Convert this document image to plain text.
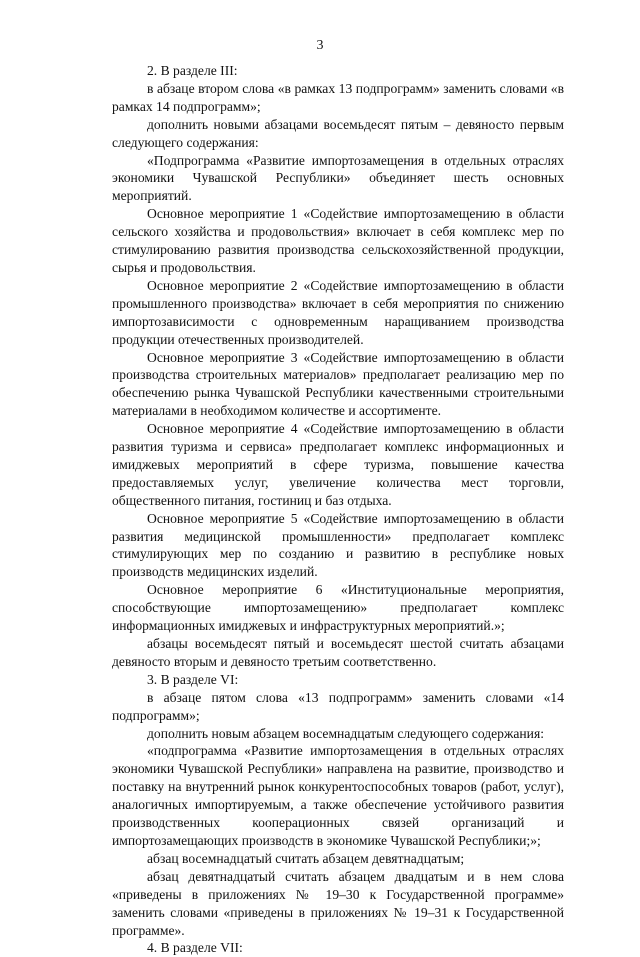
3

2. В разделе III:

в абзаце втором слова «в рамках 13 подпрограмм» заменить словами «в рамках 14 подпрограмм»;

дополнить новыми абзацами восемьдесят пятым – девяносто первым следующего содержания:

«Подпрограмма «Развитие импортозамещения в отдельных отраслях экономики Чувашской Республики» объединяет шесть основных мероприятий.

Основное мероприятие 1 «Содействие импортозамещению в области сельского хозяйства и продовольствия» включает в себя комплекс мер по стимулированию развития производства сельскохозяйственной продукции, сырья и продовольствия.

Основное мероприятие 2 «Содействие импортозамещению в области промышленного производства» включает в себя мероприятия по снижению импортозависимости с одновременным наращиванием производства продукции отечественных производителей.

Основное мероприятие 3 «Содействие импортозамещению в области производства строительных материалов» предполагает реализацию мер по обеспечению рынка Чувашской Республики качественными строительными материалами в необходимом количестве и ассортименте.

Основное мероприятие 4 «Содействие импортозамещению в области развития туризма и сервиса» предполагает комплекс информационных и имиджевых мероприятий в сфере туризма, повышение качества предоставляемых услуг, увеличение количества мест торговли, общественного питания, гостиниц и баз отдыха.

Основное мероприятие 5 «Содействие импортозамещению в области развития медицинской промышленности» предполагает комплекс стимулирующих мер по созданию и развитию в республике новых производств медицинских изделий.

Основное мероприятие 6 «Институциональные мероприятия, способствующие импортозамещению» предполагает комплекс информационных имиджевых и инфраструктурных мероприятий.»;

абзацы восемьдесят пятый и восемьдесят шестой считать абзацами девяносто вторым и девяносто третьим соответственно.

3. В разделе VI:

в абзаце пятом слова «13 подпрограмм» заменить словами «14 подпрограмм»;

дополнить новым абзацем восемнадцатым следующего содержания:

«подпрограмма «Развитие импортозамещения в отдельных отраслях экономики Чувашской Республики» направлена на развитие, производство и поставку на внутренний рынок конкурентоспособных товаров (работ, услуг), аналогичных импортируемым, а также обеспечение устойчивого развития производственных кооперационных связей организаций и импортозамещающих производств в экономике Чувашской Республики;»;

абзац восемнадцатый считать абзацем девятнадцатым;

абзац девятнадцатый считать абзацем двадцатым и в нем слова «приведены в приложениях № 19–30 к Государственной программе» заменить словами «приведены в приложениях № 19–31 к Государственной программе».

4. В разделе VII:
